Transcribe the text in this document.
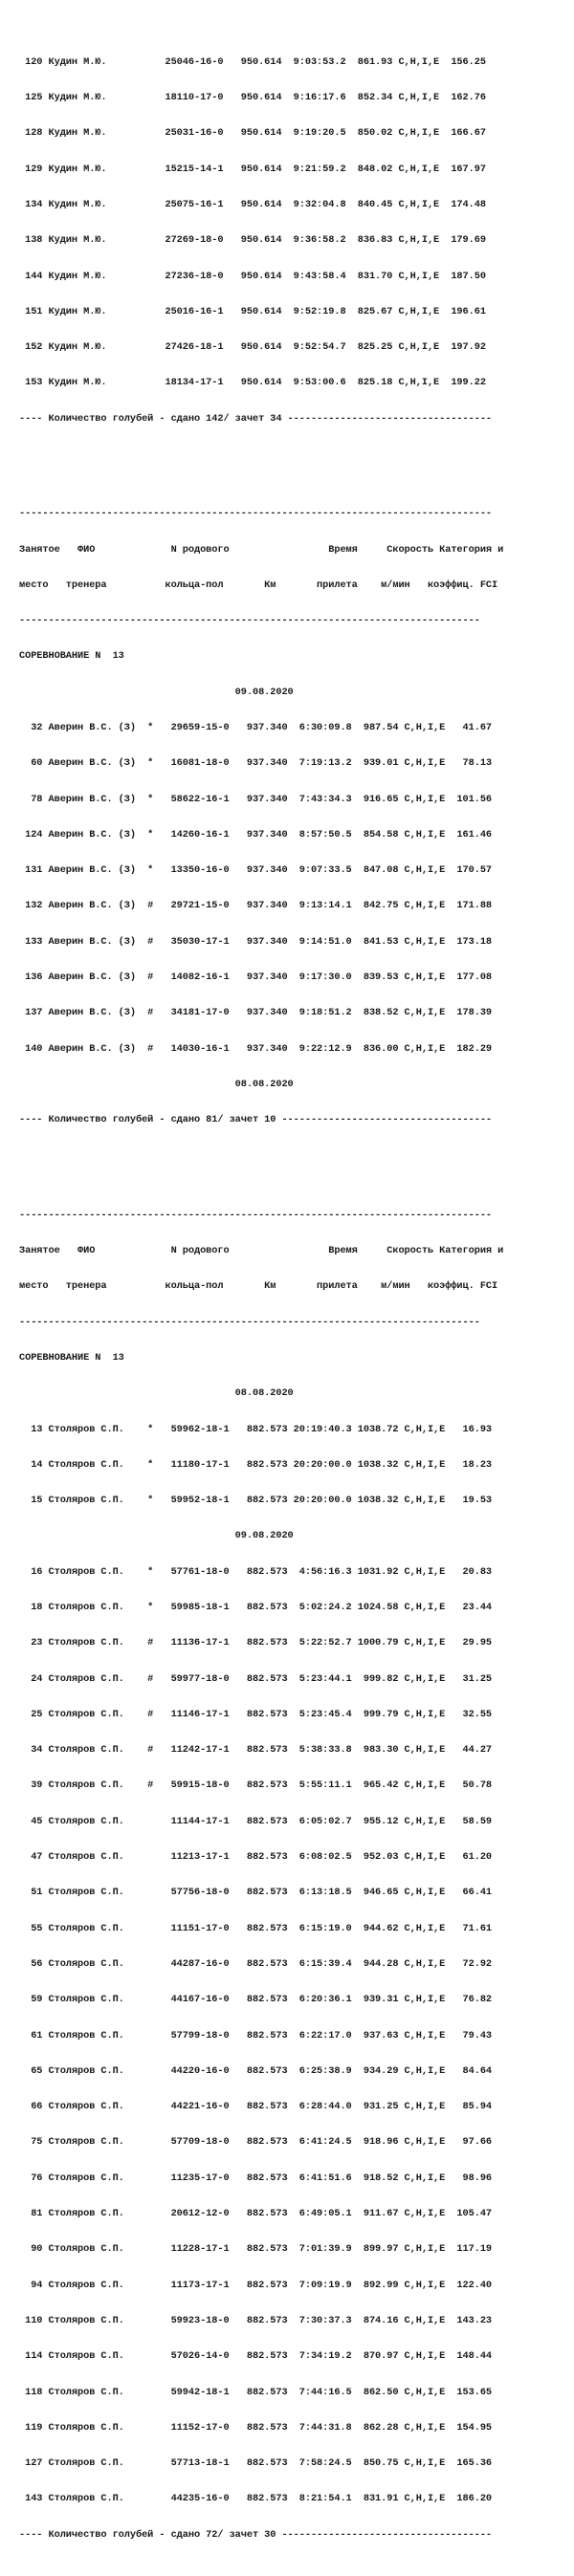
120 Кудин М.Ю.          25046-16-0   950.614  9:03:53.2  861.93 C,H,I,E  156.25

125 Кудин М.Ю.          18110-17-0   950.614  9:16:17.6  852.34 C,H,I,E  162.76

128 Кудин М.Ю.          25031-16-0   950.614  9:19:20.5  850.02 C,H,I,E  166.67

129 Кудин М.Ю.          15215-14-1   950.614  9:21:59.2  848.02 C,H,I,E  167.97

134 Кудин М.Ю.          25075-16-1   950.614  9:32:04.8  840.45 C,H,I,E  174.48

138 Кудин М.Ю.          27269-18-0   950.614  9:36:58.2  836.83 C,H,I,E  179.69

144 Кудин М.Ю.          27236-18-0   950.614  9:43:58.4  831.70 C,H,I,E  187.50

151 Кудин М.Ю.          25016-16-1   950.614  9:52:19.8  825.67 C,H,I,E  196.61

152 Кудин М.Ю.          27426-18-1   950.614  9:52:54.7  825.25 C,H,I,E  197.92

153 Кудин М.Ю.          18134-17-1   950.614  9:53:00.6  825.18 C,H,I,E  199.22

---- Количество голубей - сдано 142/ зачет 34 -----------------------------------

---------------------------------------------------------------------------------

Занятое   ФИО             N родового                 Время     Скорость Категория и

место   тренера          кольца-пол       Км       прилета    м/мин   коэффиц. FCI

-------------------------------------------------------------------------------

СОРЕВНОВАНИЕ N  13

09.08.2020

32 Аверин В.С. (З)  *   29659-15-0   937.340  6:30:09.8  987.54 C,H,I,E   41.67

60 Аверин В.С. (З)  *   16081-18-0   937.340  7:19:13.2  939.01 C,H,I,E   78.13

78 Аверин В.С. (З)  *   58622-16-1   937.340  7:43:34.3  916.65 C,H,I,E  101.56

124 Аверин В.С. (З)  *   14260-16-1   937.340  8:57:50.5  854.58 C,H,I,E  161.46

131 Аверин В.С. (З)  *   13350-16-0   937.340  9:07:33.5  847.08 C,H,I,E  170.57

132 Аверин В.С. (З)  #   29721-15-0   937.340  9:13:14.1  842.75 C,H,I,E  171.88

133 Аверин В.С. (З)  #   35030-17-1   937.340  9:14:51.0  841.53 C,H,I,E  173.18

136 Аверин В.С. (З)  #   14082-16-1   937.340  9:17:30.0  839.53 C,H,I,E  177.08

137 Аверин В.С. (З)  #   34181-17-0   937.340  9:18:51.2  838.52 C,H,I,E  178.39

140 Аверин В.С. (З)  #   14030-16-1   937.340  9:22:12.9  836.00 C,H,I,E  182.29

08.08.2020

---- Количество голубей - сдано 81/ зачет 10 ------------------------------------

---------------------------------------------------------------------------------

Занятое   ФИО             N родового                 Время     Скорость Категория и

место   тренера          кольца-пол       Км       прилета    м/мин   коэффиц. FCI

-------------------------------------------------------------------------------

СОРЕВНОВАНИЕ N  13

08.08.2020

13 Столяров С.П.    *   59962-18-1   882.573 20:19:40.3 1038.72 C,H,I,E   16.93

14 Столяров С.П.    *   11180-17-1   882.573 20:20:00.0 1038.32 C,H,I,E   18.23

15 Столяров С.П.    *   59952-18-1   882.573 20:20:00.0 1038.32 C,H,I,E   19.53

09.08.2020

16 Столяров С.П.    *   57761-18-0   882.573  4:56:16.3 1031.92 C,H,I,E   20.83

18 Столяров С.П.    *   59985-18-1   882.573  5:02:24.2 1024.58 C,H,I,E   23.44

23 Столяров С.П.    #   11136-17-1   882.573  5:22:52.7 1000.79 C,H,I,E   29.95

24 Столяров С.П.    #   59977-18-0   882.573  5:23:44.1  999.82 C,H,I,E   31.25

25 Столяров С.П.    #   11146-17-1   882.573  5:23:45.4  999.79 C,H,I,E   32.55

34 Столяров С.П.    #   11242-17-1   882.573  5:38:33.8  983.30 C,H,I,E   44.27

39 Столяров С.П.    #   59915-18-0   882.573  5:55:11.1  965.42 C,H,I,E   50.78

45 Столяров С.П.        11144-17-1   882.573  6:05:02.7  955.12 C,H,I,E   58.59

47 Столяров С.П.        11213-17-1   882.573  6:08:02.5  952.03 C,H,I,E   61.20

51 Столяров С.П.        57756-18-0   882.573  6:13:18.5  946.65 C,H,I,E   66.41

55 Столяров С.П.        11151-17-0   882.573  6:15:19.0  944.62 C,H,I,E   71.61

56 Столяров С.П.        44287-16-0   882.573  6:15:39.4  944.28 C,H,I,E   72.92

59 Столяров С.П.        44167-16-0   882.573  6:20:36.1  939.31 C,H,I,E   76.82

61 Столяров С.П.        57799-18-0   882.573  6:22:17.0  937.63 C,H,I,E   79.43

65 Столяров С.П.        44220-16-0   882.573  6:25:38.9  934.29 C,H,I,E   84.64

66 Столяров С.П.        44221-16-0   882.573  6:28:44.0  931.25 C,H,I,E   85.94

75 Столяров С.П.        57709-18-0   882.573  6:41:24.5  918.96 C,H,I,E   97.66

76 Столяров С.П.        11235-17-0   882.573  6:41:51.6  918.52 C,H,I,E   98.96

81 Столяров С.П.        20612-12-0   882.573  6:49:05.1  911.67 C,H,I,E  105.47

90 Столяров С.П.        11228-17-1   882.573  7:01:39.9  899.97 C,H,I,E  117.19

94 Столяров С.П.        11173-17-1   882.573  7:09:19.9  892.99 C,H,I,E  122.40

110 Столяров С.П.        59923-18-0   882.573  7:30:37.3  874.16 C,H,I,E  143.23

114 Столяров С.П.        57026-14-0   882.573  7:34:19.2  870.97 C,H,I,E  148.44

118 Столяров С.П.        59942-18-1   882.573  7:44:16.5  862.50 C,H,I,E  153.65

119 Столяров С.П.        11152-17-0   882.573  7:44:31.8  862.28 C,H,I,E  154.95

127 Столяров С.П.        57713-18-1   882.573  7:58:24.5  850.75 C,H,I,E  165.36

143 Столяров С.П.        44235-16-0   882.573  8:21:54.1  831.91 C,H,I,E  186.20

---- Количество голубей - сдано 72/ зачет 30 ------------------------------------
